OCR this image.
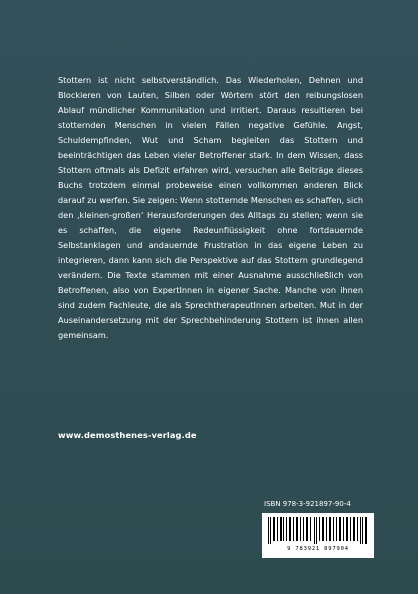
Stottern ist nicht selbstverständlich. Das Wiederholen, Dehnen und Blockieren von Lauten, Silben oder Wörtern stört den reibungslosen Ablauf mündlicher Kommunikation und irritiert. Daraus resultieren bei stotternden Menschen in vielen Fällen negative Gefühle. Angst, Schuldempfinden, Wut und Scham begleiten das Stottern und beeinträchtigen das Leben vieler Betroffener stark. In dem Wissen, dass Stottern oftmals als Defizit erfahren wird, versuchen alle Beiträge dieses Buchs trotzdem einmal probeweise einen vollkommen anderen Blick darauf zu werfen. Sie zeigen: Wenn stotternde Menschen es schaffen, sich den ‚kleinen-großen‘ Herausforderungen des Alltags zu stellen; wenn sie es schaffen, die eigene Redeunflüssigkeit ohne fortdauernde Selbstanklagen und andauernde Frustration in das eigene Leben zu integrieren, dann kann sich die Perspektive auf das Stottern grundlegend verändern. Die Texte stammen mit einer Ausnahme ausschließlich von Betroffenen, also von ExpertInnen in eigener Sache. Manche von ihnen sind zudem Fachleute, die als SprechtherapeutInnen arbeiten. Mut in der Auseinandersetzung mit der Sprechbehinderung Stottern ist ihnen allen gemeinsam.

www.demosthenes-verlag.de
ISBN 978-3-921897-90-4
9 783921 897904
